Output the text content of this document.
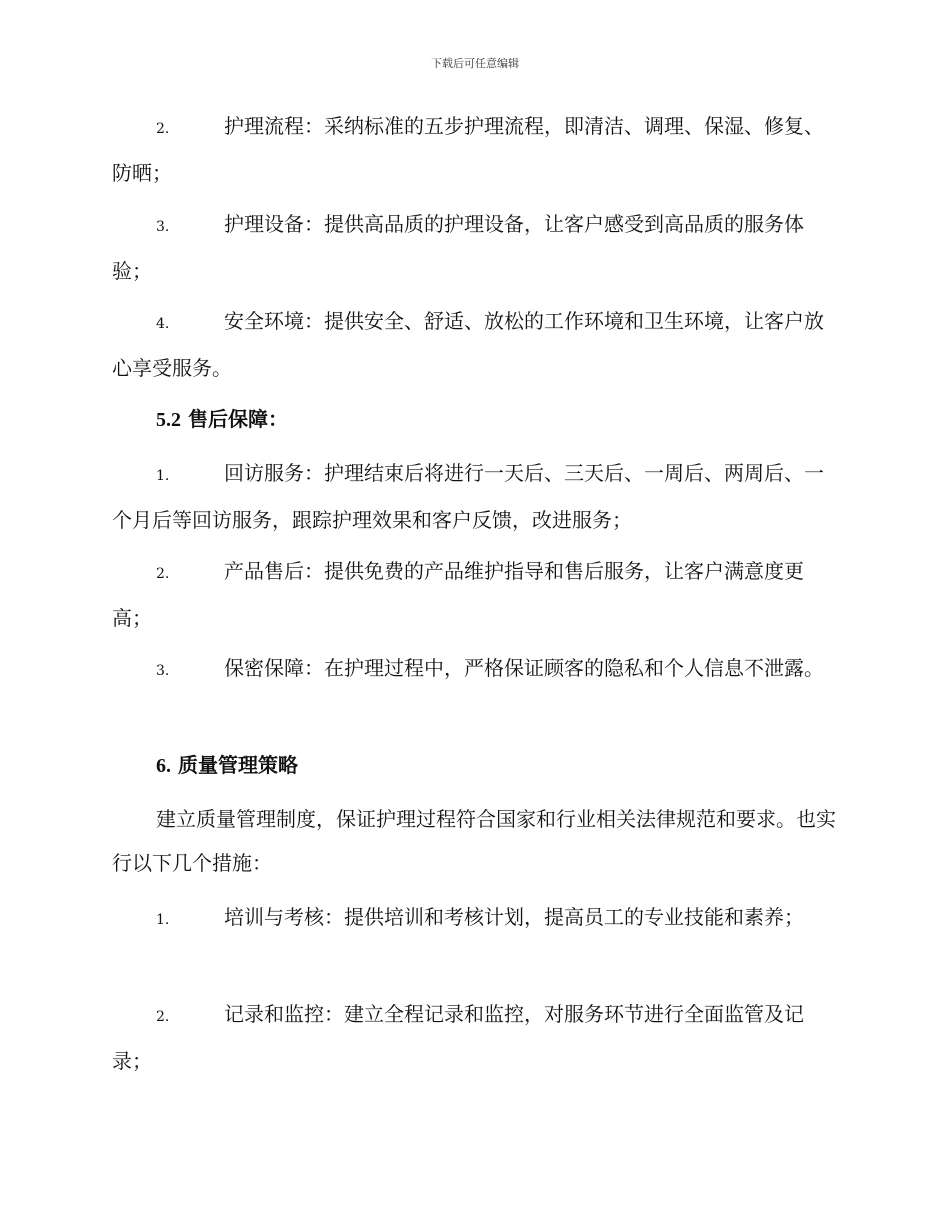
下载后可任意编辑
2.	护理流程：采纳标准的五步护理流程，即清洁、调理、保湿、修复、防晒；
3.	护理设备：提供高品质的护理设备，让客户感受到高品质的服务体验；
4.	安全环境：提供安全、舒适、放松的工作环境和卫生环境，让客户放心享受服务。
5.2 售后保障：
1.	回访服务：护理结束后将进行一天后、三天后、一周后、两周后、一个月后等回访服务，跟踪护理效果和客户反馈，改进服务；
2.	产品售后：提供免费的产品维护指导和售后服务，让客户满意度更高；
3.	保密保障：在护理过程中，严格保证顾客的隐私和个人信息不泄露。
6. 质量管理策略
建立质量管理制度，保证护理过程符合国家和行业相关法律规范和要求。也实行以下几个措施：
1.	培训与考核：提供培训和考核计划，提高员工的专业技能和素养；
2.	记录和监控：建立全程记录和监控，对服务环节进行全面监管及记录；
